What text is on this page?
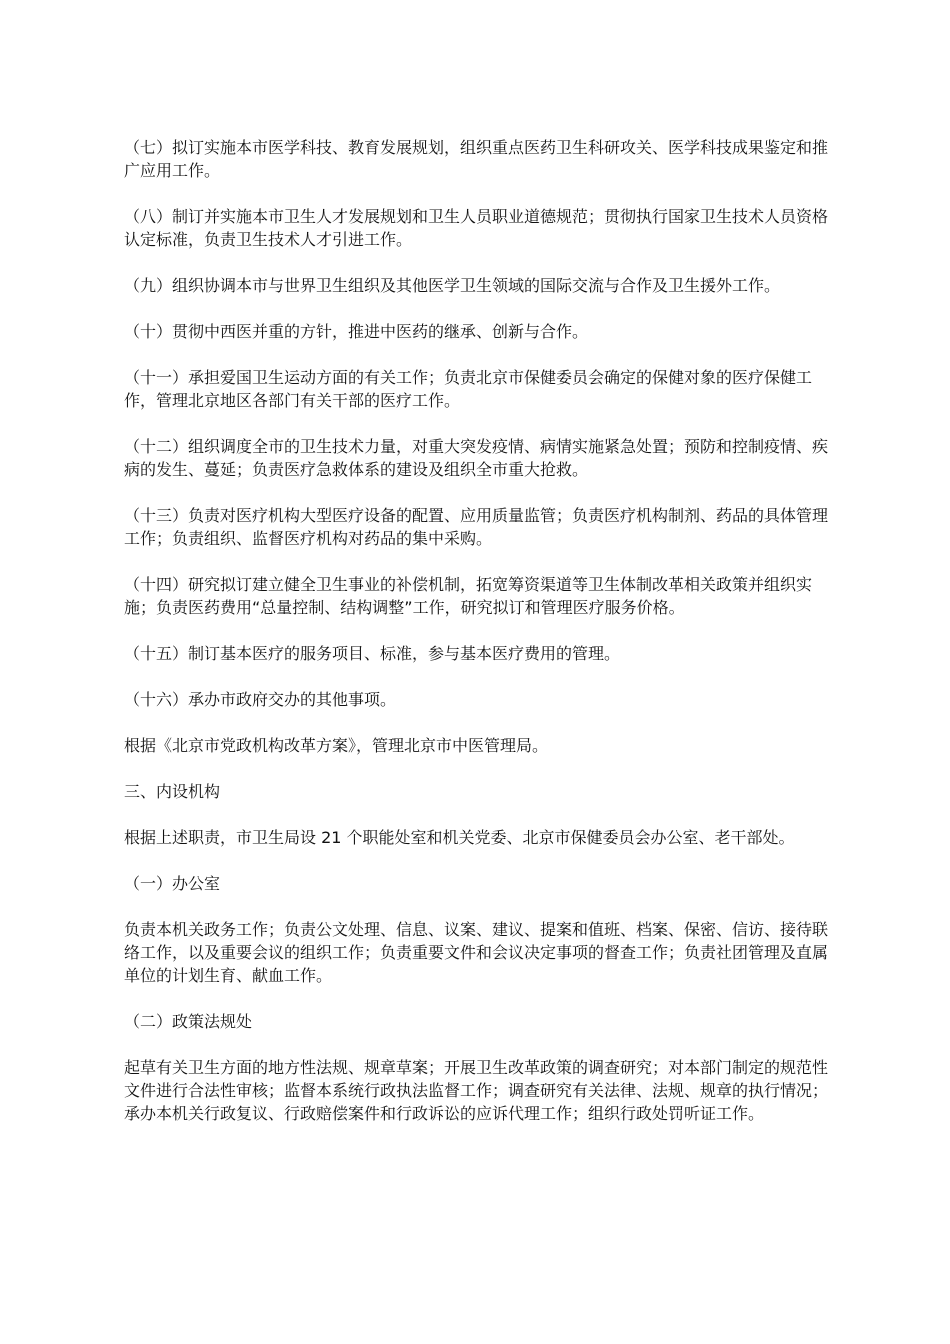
（七）拟订实施本市医学科技、教育发展规划，组织重点医药卫生科研攻关、医学科技成果鉴定和推广应用工作。

（八）制订并实施本市卫生人才发展规划和卫生人员职业道德规范；贯彻执行国家卫生技术人员资格认定标准，负责卫生技术人才引进工作。

（九）组织协调本市与世界卫生组织及其他医学卫生领域的国际交流与合作及卫生援外工作。

（十）贯彻中西医并重的方针，推进中医药的继承、创新与合作。

（十一）承担爱国卫生运动方面的有关工作；负责北京市保健委员会确定的保健对象的医疗保健工作，管理北京地区各部门有关干部的医疗工作。

（十二）组织调度全市的卫生技术力量，对重大突发疫情、病情实施紧急处置；预防和控制疫情、疾病的发生、蔓延；负责医疗急救体系的建设及组织全市重大抢救。

（十三）负责对医疗机构大型医疗设备的配置、应用质量监管；负责医疗机构制剂、药品的具体管理工作；负责组织、监督医疗机构对药品的集中采购。

（十四）研究拟订建立健全卫生事业的补偿机制，拓宽筹资渠道等卫生体制改革相关政策并组织实施；负责医药费用“总量控制、结构调整”工作，研究拟订和管理医疗服务价格。

（十五）制订基本医疗的服务项目、标准，参与基本医疗费用的管理。

（十六）承办市政府交办的其他事项。

根据《北京市党政机构改革方案》，管理北京市中医管理局。

三、内设机构

根据上述职责，市卫生局设 21 个职能处室和机关党委、北京市保健委员会办公室、老干部处。

（一）办公室

负责本机关政务工作；负责公文处理、信息、议案、建议、提案和值班、档案、保密、信访、接待联络工作，以及重要会议的组织工作；负责重要文件和会议决定事项的督查工作；负责社团管理及直属单位的计划生育、献血工作。

（二）政策法规处

起草有关卫生方面的地方性法规、规章草案；开展卫生改革政策的调查研究；对本部门制定的规范性文件进行合法性审核；监督本系统行政执法监督工作；调查研究有关法律、法规、规章的执行情况；承办本机关行政复议、行政赔偿案件和行政诉讼的应诉代理工作；组织行政处罚听证工作。
